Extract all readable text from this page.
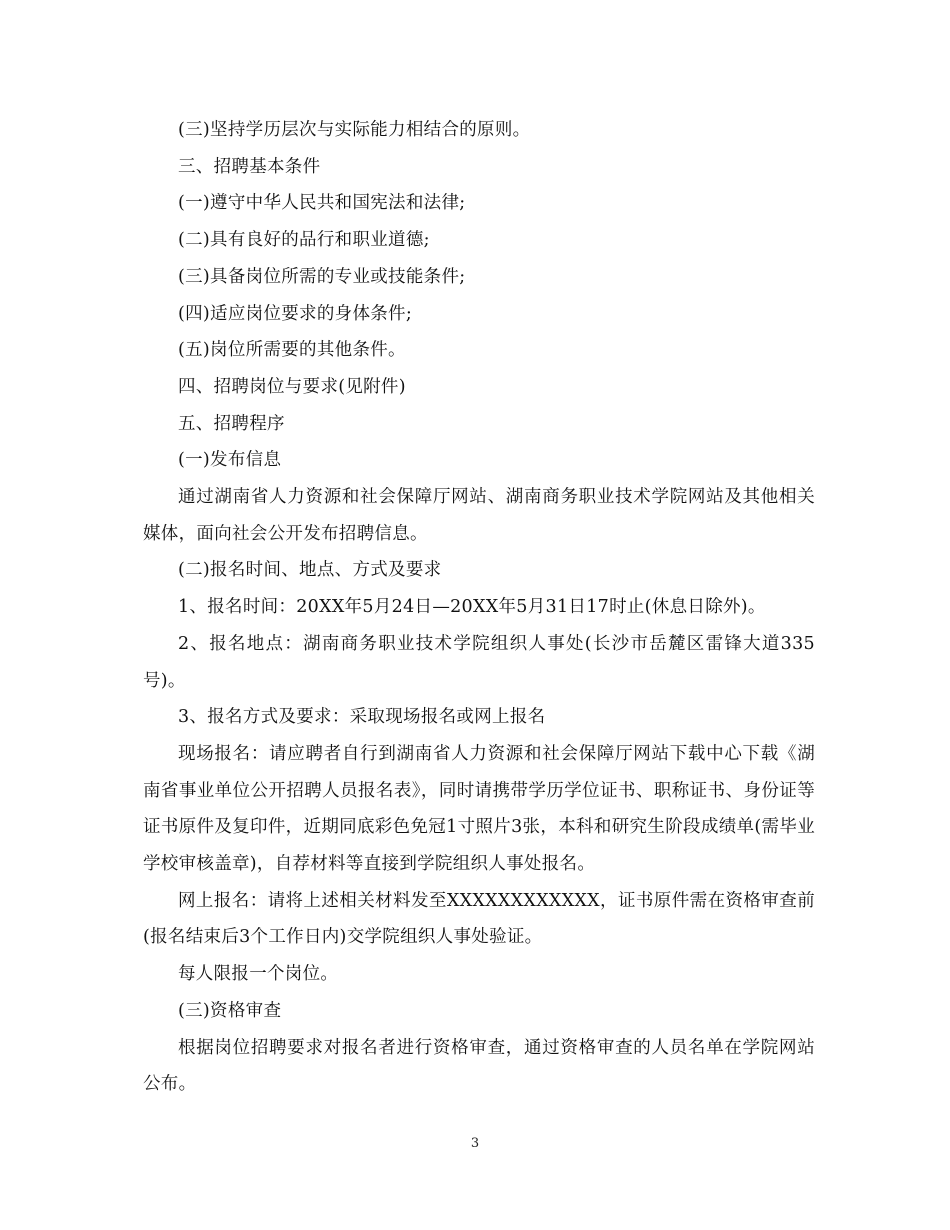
(三)坚持学历层次与实际能力相结合的原则。

三、招聘基本条件

(一)遵守中华人民共和国宪法和法律;

(二)具有良好的品行和职业道德;

(三)具备岗位所需的专业或技能条件;

(四)适应岗位要求的身体条件;

(五)岗位所需要的其他条件。

四、招聘岗位与要求(见附件)

五、招聘程序

(一)发布信息

通过湖南省人力资源和社会保障厅网站、湖南商务职业技术学院网站及其他相关媒体，面向社会公开发布招聘信息。

(二)报名时间、地点、方式及要求

1、报名时间：20XX年5月24日—20XX年5月31日17时止(休息日除外)。

2、报名地点：湖南商务职业技术学院组织人事处(长沙市岳麓区雷锋大道335号)。

3、报名方式及要求：采取现场报名或网上报名

现场报名：请应聘者自行到湖南省人力资源和社会保障厅网站下载中心下载《湖南省事业单位公开招聘人员报名表》，同时请携带学历学位证书、职称证书、身份证等证书原件及复印件，近期同底彩色免冠1寸照片3张，本科和研究生阶段成绩单(需毕业学校审核盖章)，自荐材料等直接到学院组织人事处报名。

网上报名：请将上述相关材料发至XXXXXXXXXXXX，证书原件需在资格审查前(报名结束后3个工作日内)交学院组织人事处验证。

每人限报一个岗位。

(三)资格审查

根据岗位招聘要求对报名者进行资格审查，通过资格审查的人员名单在学院网站公布。

3
